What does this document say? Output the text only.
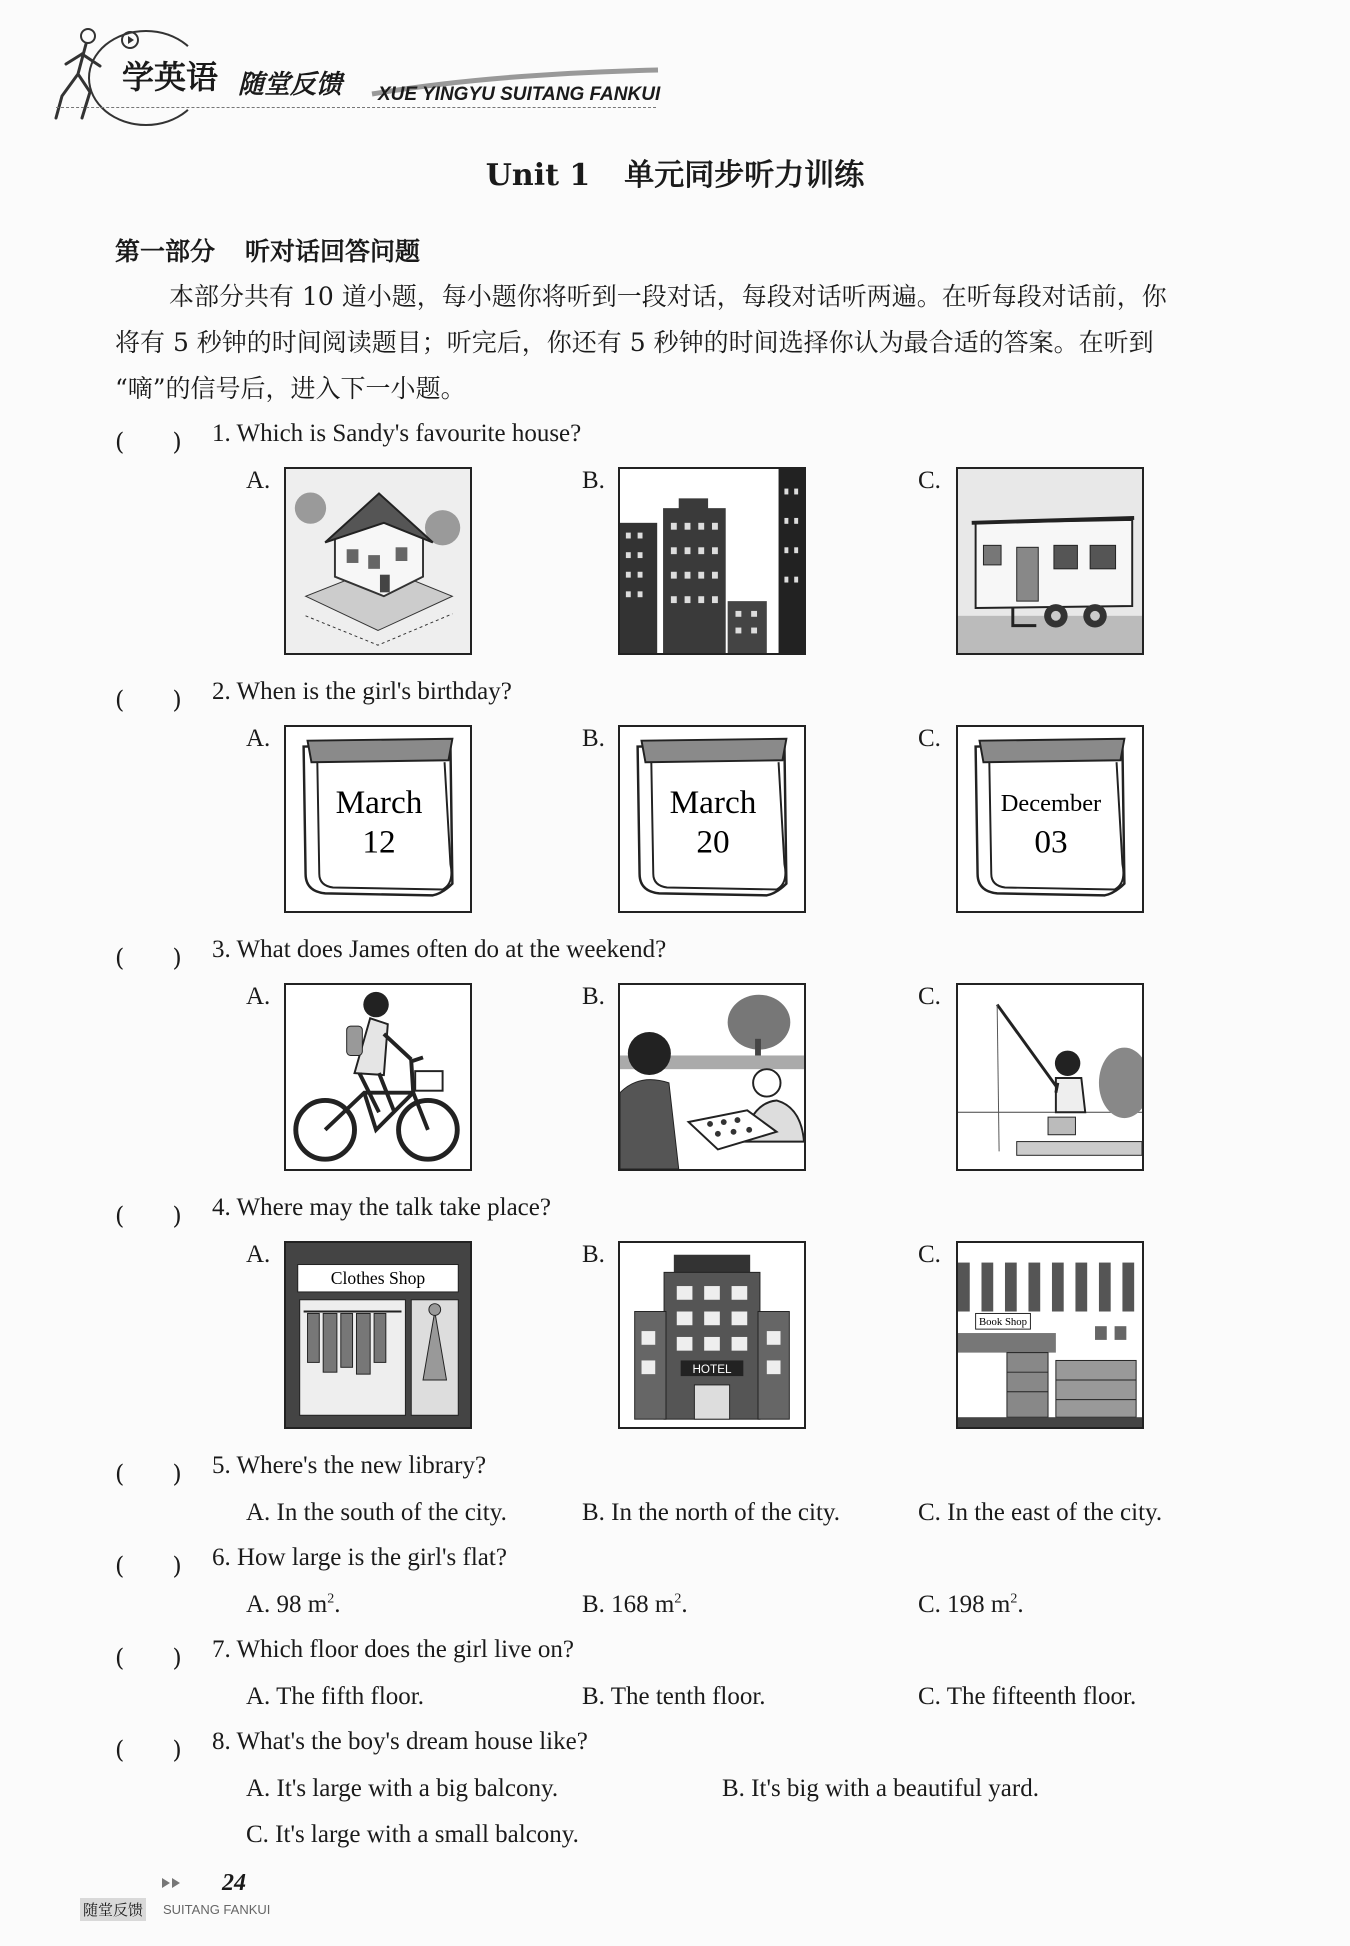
学英语 随堂反馈 XUE YINGYU SUITANG FANKUI
Unit 1 单元同步听力训练
第一部分 听对话回答问题
本部分共有 10 道小题，每小题你将听到一段对话，每段对话听两遍。在听每段对话前，你
将有 5 秒钟的时间阅读题目；听完后，你还有 5 秒钟的时间选择你认为最合适的答案。在听到
“嘀”的信号后，进入下一小题。
(　　) 1. Which is Sandy's favourite house?
A.	B.	C.
(　　) 2. When is the girl's birthday?
A.
March
12
B.
March
20
C.
December
03
(　　) 3. What does James often do at the weekend?
A.	B.	C.
(　　) 4. Where may the talk take place?
A.
Clothes Shop
B.
HOTEL
C.
Book Shop
(　　) 5. Where's the new library?
A. In the south of the city.	B. In the north of the city.	C. In the east of the city.
(　　) 6. How large is the girl's flat?
A. 98 $m^2$.	B. 168 $m^2$.	C. 198 $m^2$.
(　　) 7. Which floor does the girl live on?
A. The fifth floor.	B. The tenth floor.	C. The fifteenth floor.
(　　) 8. What's the boy's dream house like?
A. It's large with a big balcony.	B. It's big with a beautiful yard.
C. It's large with a small balcony.
24
随堂反馈 SUITANG FANKUI
